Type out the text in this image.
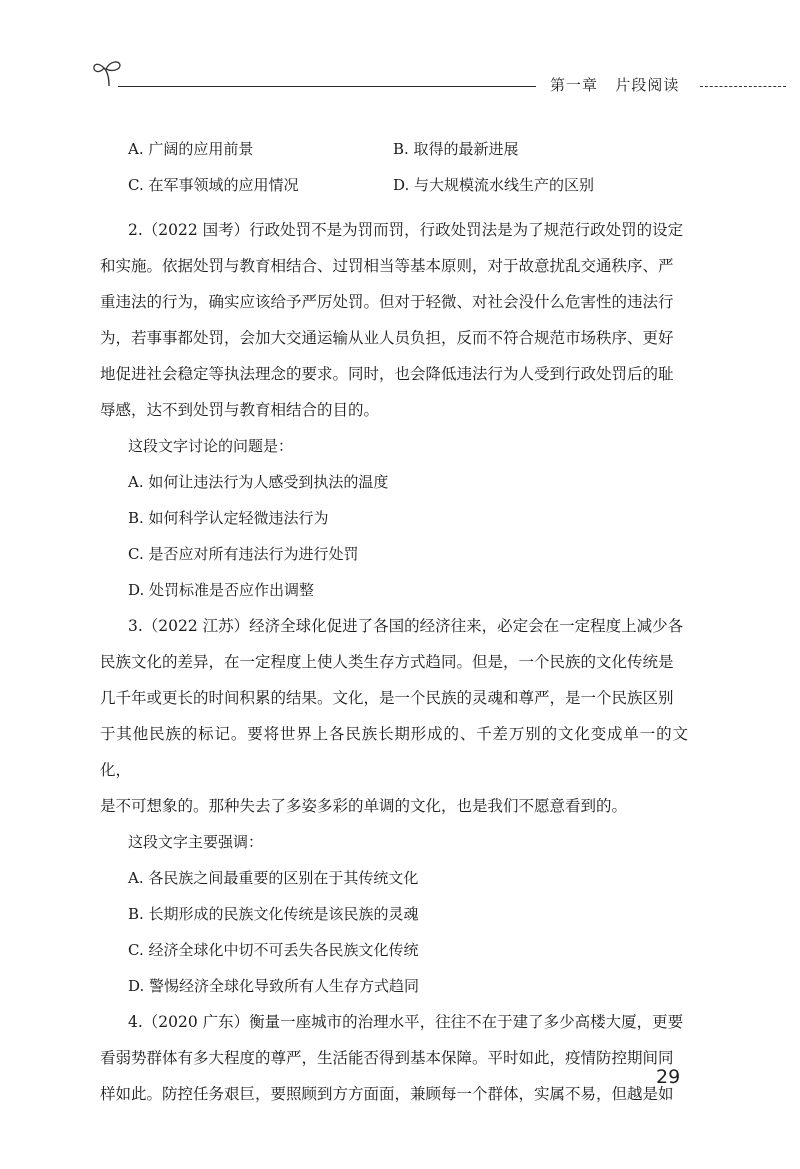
第一章 片段阅读
A. 广阔的应用前景	B. 取得的最新进展
C. 在军事领域的应用情况	D. 与大规模流水线生产的区别

2.（2022 国考）行政处罚不是为罚而罚，行政处罚法是为了规范行政处罚的设定

和实施。依据处罚与教育相结合、过罚相当等基本原则，对于故意扰乱交通秩序、严

重违法的行为，确实应该给予严厉处罚。但对于轻微、对社会没什么危害性的违法行

为，若事事都处罚，会加大交通运输从业人员负担，反而不符合规范市场秩序、更好

地促进社会稳定等执法理念的要求。同时，也会降低违法行为人受到行政处罚后的耻

辱感，达不到处罚与教育相结合的目的。

这段文字讨论的问题是：

A. 如何让违法行为人感受到执法的温度

B. 如何科学认定轻微违法行为

C. 是否应对所有违法行为进行处罚

D. 处罚标准是否应作出调整

3.（2022 江苏）经济全球化促进了各国的经济往来，必定会在一定程度上减少各

民族文化的差异，在一定程度上使人类生存方式趋同。但是，一个民族的文化传统是

几千年或更长的时间积累的结果。文化，是一个民族的灵魂和尊严，是一个民族区别

于其他民族的标记。要将世界上各民族长期形成的、千差万别的文化变成单一的文化，

是不可想象的。那种失去了多姿多彩的单调的文化，也是我们不愿意看到的。

这段文字主要强调：

A. 各民族之间最重要的区别在于其传统文化

B. 长期形成的民族文化传统是该民族的灵魂

C. 经济全球化中切不可丢失各民族文化传统

D. 警惕经济全球化导致所有人生存方式趋同

4.（2020 广东）衡量一座城市的治理水平，往往不在于建了多少高楼大厦，更要

看弱势群体有多大程度的尊严，生活能否得到基本保障。平时如此，疫情防控期间同

样如此。防控任务艰巨，要照顾到方方面面，兼顾每一个群体，实属不易，但越是如

29
